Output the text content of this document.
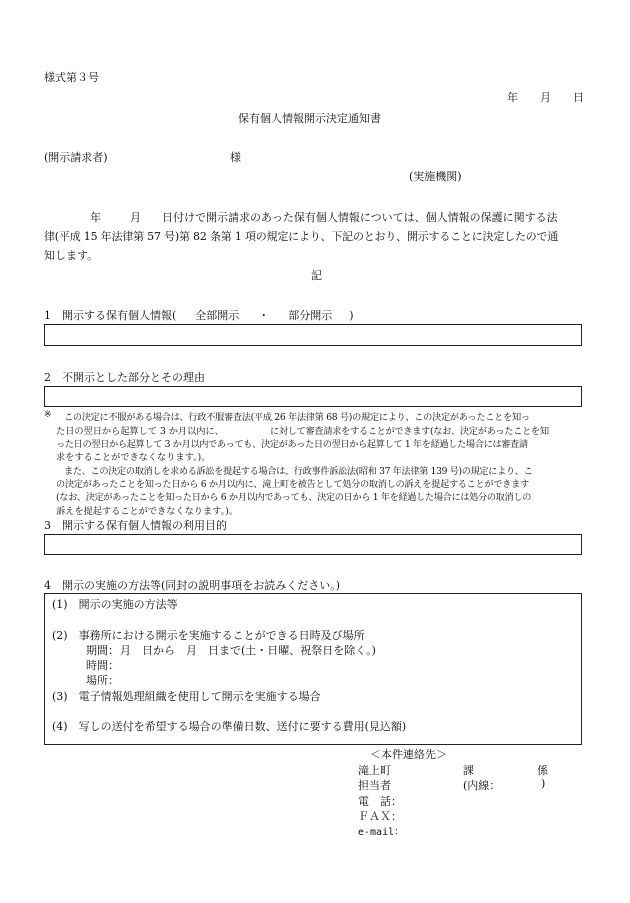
様式第３号
年 月 日
保有個人情報開示決定通知書
(開示請求者)	様
(実施機関)
年	月 日付けで開示請求のあった保有個人情報については、個人情報の保護に関する法
律(平成 15 年法律第 57 号)第 82 条第 1 項の規定により、下記のとおり、開示することに決定したので通
知します。
記
1　開示する保有個人情報( 全部開示 ・ 部分開示 )
2　不開示とした部分とその理由
※ この決定に不服がある場合は、行政不服審査法(平成 26 年法律第 68 号)の規定により、この決定があったことを知っ
た日の翌日から起算して 3 か月以内に、	に対して審査請求をすることができます(なお、決定があったことを知
った日の翌日から起算して 3 か月以内であっても、決定があった日の翌日から起算して 1 年を経過した場合には審査請
求をすることができなくなります。)。
また、この決定の取消しを求める訴訟を提起する場合は、行政事件訴訟法(昭和 37 年法律第 139 号)の規定により、こ
の決定があったことを知った日から 6 か月以内に、滝上町を被告として処分の取消しの訴えを提起することができます
(なお、決定があったことを知った日から 6 か月以内であっても、決定の日から 1 年を経過した場合には処分の取消しの
訴えを提起することができなくなります。)。
3　開示する保有個人情報の利用目的
4　開示の実施の方法等(同封の説明事項をお読みください。)
(1)　開示の実施の方法等
(2)　事務所における開示を実施することができる日時及び場所
期間： 月　日から　月　日まで(土・日曜、祝祭日を除く。)
時間：
場所：
(3)　電子情報処理組織を使用して開示を実施する場合
(4)　写しの送付を希望する場合の準備日数、送付に要する費用(見込額)
＜本件連絡先＞
滝上町	課	係
担当者	(内線：	)
電　話：
ＦＡＸ：
e-mail：
